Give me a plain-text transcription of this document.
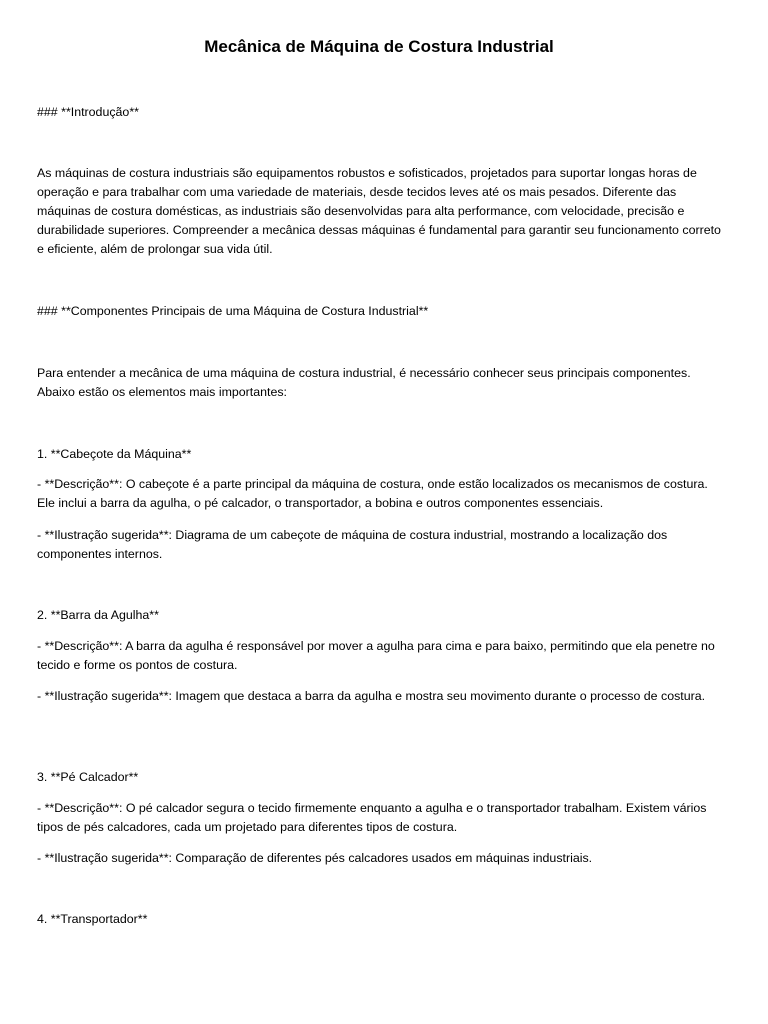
Mecânica de Máquina de Costura Industrial

### **Introdução**

As máquinas de costura industriais são equipamentos robustos e sofisticados, projetados para suportar longas horas de operação e para trabalhar com uma variedade de materiais, desde tecidos leves até os mais pesados. Diferente das máquinas de costura domésticas, as industriais são desenvolvidas para alta performance, com velocidade, precisão e durabilidade superiores. Compreender a mecânica dessas máquinas é fundamental para garantir seu funcionamento correto e eficiente, além de prolongar sua vida útil.

### **Componentes Principais de uma Máquina de Costura Industrial**

Para entender a mecânica de uma máquina de costura industrial, é necessário conhecer seus principais componentes. Abaixo estão os elementos mais importantes:

1. **Cabeçote da Máquina**

- **Descrição**: O cabeçote é a parte principal da máquina de costura, onde estão localizados os mecanismos de costura. Ele inclui a barra da agulha, o pé calcador, o transportador, a bobina e outros componentes essenciais.

- **Ilustração sugerida**: Diagrama de um cabeçote de máquina de costura industrial, mostrando a localização dos componentes internos.

2. **Barra da Agulha**

- **Descrição**: A barra da agulha é responsável por mover a agulha para cima e para baixo, permitindo que ela penetre no tecido e forme os pontos de costura.

- **Ilustração sugerida**: Imagem que destaca a barra da agulha e mostra seu movimento durante o processo de costura.

3. **Pé Calcador**

- **Descrição**: O pé calcador segura o tecido firmemente enquanto a agulha e o transportador trabalham. Existem vários tipos de pés calcadores, cada um projetado para diferentes tipos de costura.

- **Ilustração sugerida**: Comparação de diferentes pés calcadores usados em máquinas industriais.

4. **Transportador**
